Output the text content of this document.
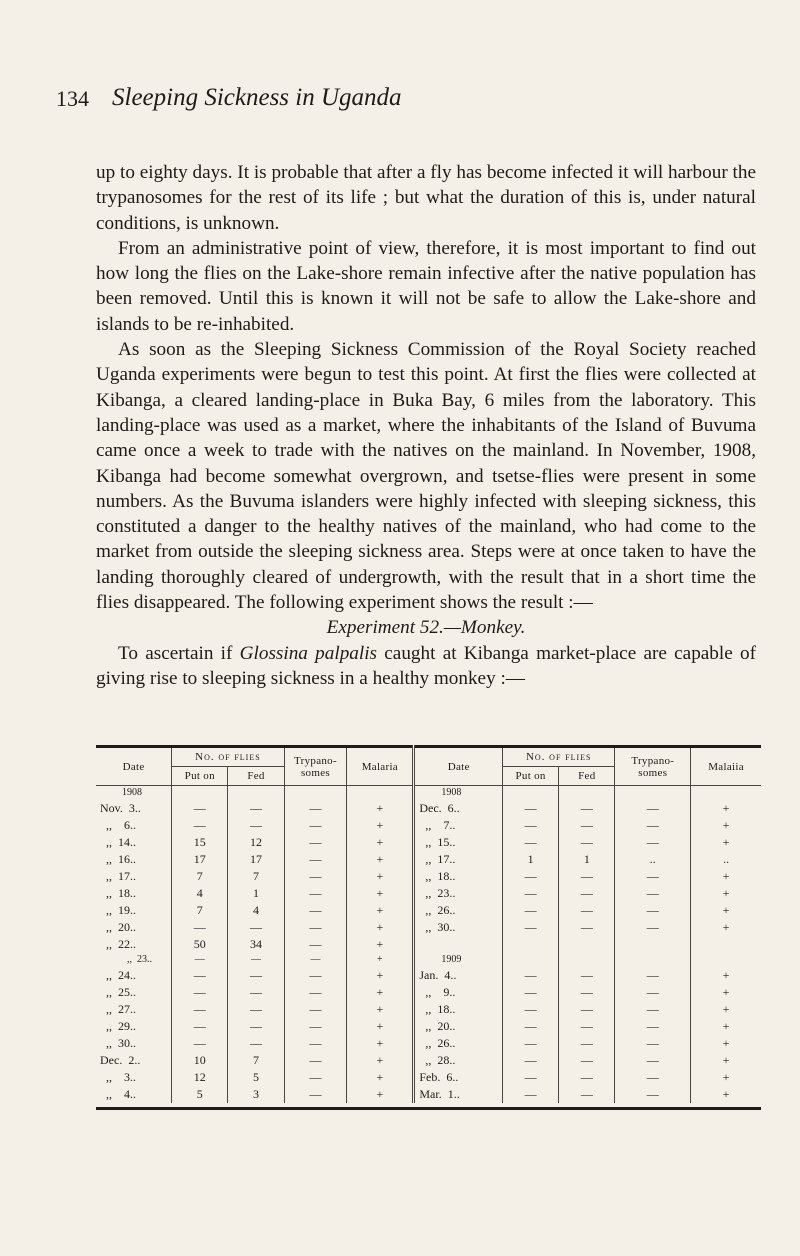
134 Sleeping Sickness in Uganda

up to eighty days. It is probable that after a fly has become infected it will harbour the trypanosomes for the rest of its life ; but what the duration of this is, under natural conditions, is unknown.

From an administrative point of view, therefore, it is most important to find out how long the flies on the Lake-shore remain infective after the native population has been removed. Until this is known it will not be safe to allow the Lake-shore and islands to be re-inhabited.

As soon as the Sleeping Sickness Commission of the Royal Society reached Uganda experiments were begun to test this point. At first the flies were collected at Kibanga, a cleared landing-place in Buka Bay, 6 miles from the laboratory. This landing-place was used as a market, where the inhabitants of the Island of Buvuma came once a week to trade with the natives on the mainland. In November, 1908, Kibanga had become somewhat overgrown, and tsetse-flies were present in some numbers. As the Buvuma islanders were highly infected with sleeping sickness, this constituted a danger to the healthy natives of the mainland, who had come to the market from outside the sleeping sickness area. Steps were at once taken to have the landing thoroughly cleared of undergrowth, with the result that in a short time the flies disappeared. The following experiment shows the result :—

Experiment 52.—Monkey.

To ascertain if Glossina palpalis caught at Kibanga market-place are capable of giving rise to sleeping sickness in a healthy monkey :—

Date	No. of flies		Trypano-somes	Malaria	Date	No. of flies		Trypano-somes	Malaiia
	Put on	Fed				Put on	Fed		
1908					1908				
Nov.  3..	—	—	—	+	Dec.  6..	—	—	—	+
,,    6..	—	—	—	+	,,    7..	—	—	—	+
,,  14..	15	12	—	+	,,  15..	—	—	—	+
,,  16..	17	17	—	+	,,  17..	1	1	..	..
,,  17..	7	7	—	+	,,  18..	—	—	—	+
,,  18..	4	1	—	+	,,  23..	—	—	—	+
,,  19..	7	4	—	+	,,  26..	—	—	—	+
,,  20..	—	—	—	+	,,  30..	—	—	—	+
,,  22..	50	34	—	+					
,,  23..	—	—	—	+	1909				
,,  24..	—	—	—	+	Jan.  4..	—	—	—	+
,,  25..	—	—	—	+	,,    9..	—	—	—	+
,,  27..	—	—	—	+	,,  18..	—	—	—	+
,,  29..	—	—	—	+	,,  20..	—	—	—	+
,,  30..	—	—	—	+	,,  26..	—	—	—	+
Dec.  2..	10	7	—	+	,,  28..	—	—	—	+
,,    3..	12	5	—	+	Feb.  6..	—	—	—	+
,,    4..	5	3	—	+	Mar.  1..	—	—	—	+
